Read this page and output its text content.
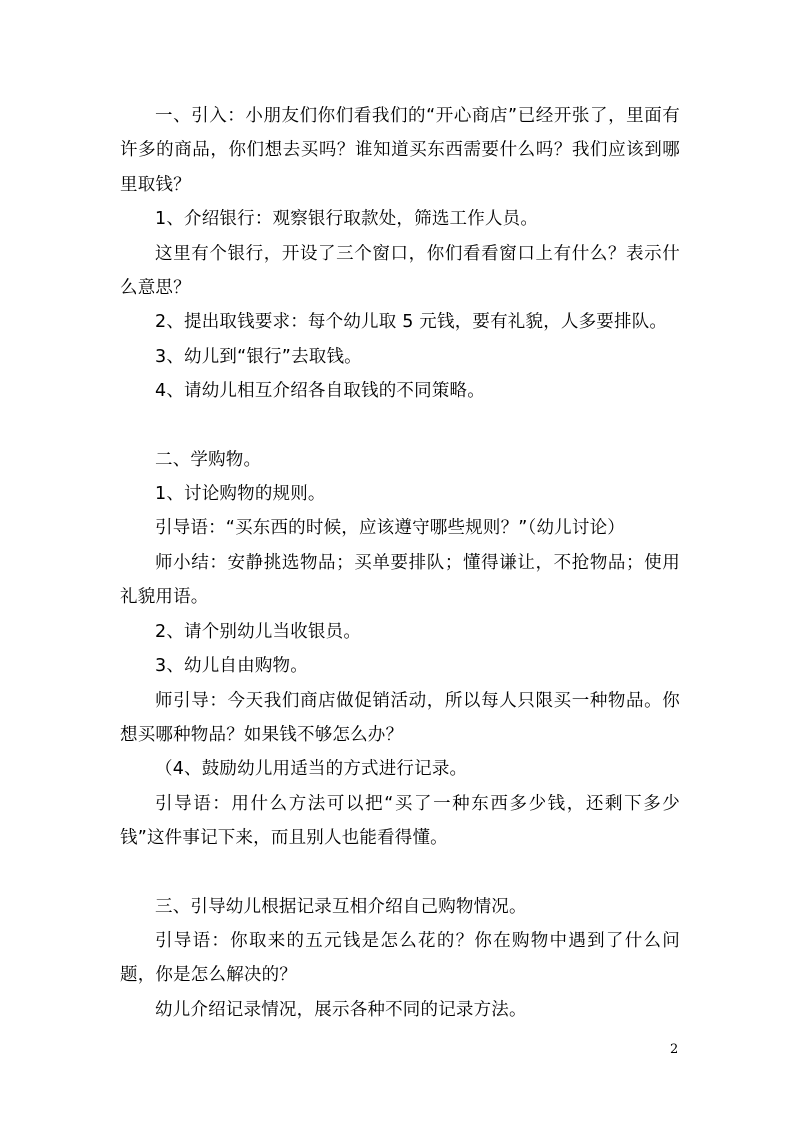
一、引入：小朋友们你们看我们的“开心商店”已经开张了，里面有许多的商品，你们想去买吗？谁知道买东西需要什么吗？我们应该到哪里取钱？

1、介绍银行：观察银行取款处，筛选工作人员。

这里有个银行，开设了三个窗口，你们看看窗口上有什么？表示什么意思？

2、提出取钱要求：每个幼儿取 5 元钱，要有礼貌，人多要排队。

3、幼儿到“银行”去取钱。

4、请幼儿相互介绍各自取钱的不同策略。

二、学购物。

1、讨论购物的规则。

引导语：“买东西的时候，应该遵守哪些规则？”（幼儿讨论）

师小结：安静挑选物品；买单要排队；懂得谦让，不抢物品；使用礼貌用语。

2、请个别幼儿当收银员。

3、幼儿自由购物。

师引导：今天我们商店做促销活动，所以每人只限买一种物品。你想买哪种物品？如果钱不够怎么办？

（4、鼓励幼儿用适当的方式进行记录。

引导语：用什么方法可以把“买了一种东西多少钱，还剩下多少钱”这件事记下来，而且别人也能看得懂。

三、引导幼儿根据记录互相介绍自己购物情况。

引导语：你取来的五元钱是怎么花的？你在购物中遇到了什么问题，你是怎么解决的？

幼儿介绍记录情况，展示各种不同的记录方法。

2
